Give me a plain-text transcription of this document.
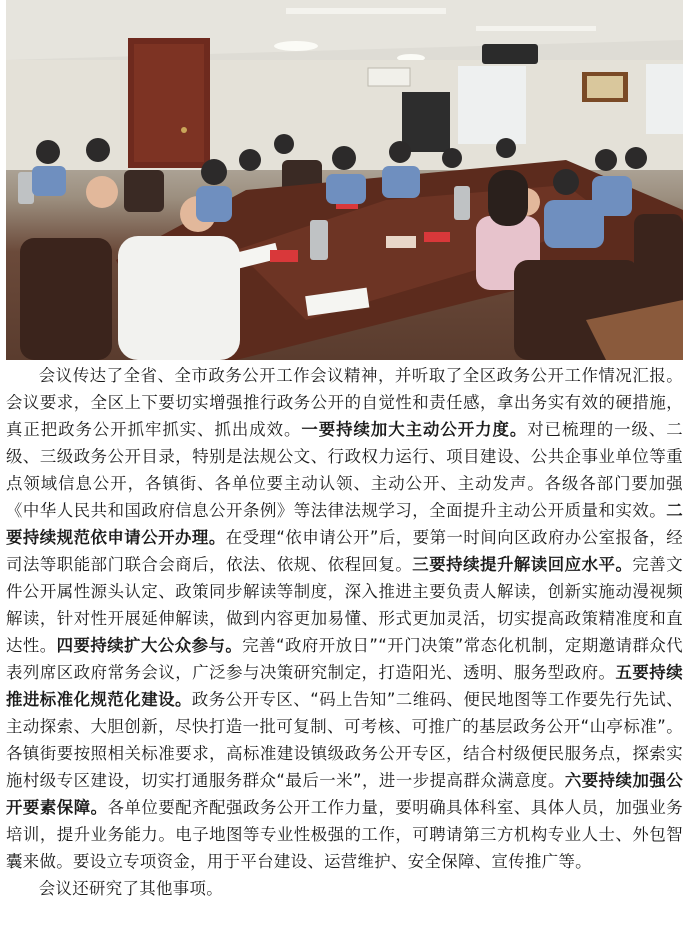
会议传达了全省、全市政务公开工作会议精神，并听取了全区政务公开工作情况汇报。会议要求，全区上下要切实增强推行政务公开的自觉性和责任感，拿出务实有效的硬措施，真正把政务公开抓牢抓实、抓出成效。一要持续加大主动公开力度。对已梳理的一级、二级、三级政务公开目录，特别是法规公文、行政权力运行、项目建设、公共企事业单位等重点领域信息公开，各镇街、各单位要主动认领、主动公开、主动发声。各级各部门要加强《中华人民共和国政府信息公开条例》等法律法规学习，全面提升主动公开质量和实效。二要持续规范依申请公开办理。在受理“依申请公开”后，要第一时间向区政府办公室报备，经司法等职能部门联合会商后，依法、依规、依程回复。三要持续提升解读回应水平。完善文件公开属性源头认定、政策同步解读等制度，深入推进主要负责人解读，创新实施动漫视频解读，针对性开展延伸解读，做到内容更加易懂、形式更加灵活，切实提高政策精准度和直达性。四要持续扩大公众参与。完善“政府开放日”“开门决策”常态化机制，定期邀请群众代表列席区政府常务会议，广泛参与决策研究制定，打造阳光、透明、服务型政府。五要持续推进标准化规范化建设。政务公开专区、“码上告知”二维码、便民地图等工作要先行先试、主动探索、大胆创新，尽快打造一批可复制、可考核、可推广的基层政务公开“山亭标准”。各镇街要按照相关标准要求，高标准建设镇级政务公开专区，结合村级便民服务点，探索实施村级专区建设，切实打通服务群众“最后一米”，进一步提高群众满意度。六要持续加强公开要素保障。各单位要配齐配强政务公开工作力量，要明确具体科室、具体人员，加强业务培训，提升业务能力。电子地图等专业性极强的工作，可聘请第三方机构专业人士、外包智囊来做。要设立专项资金，用于平台建设、运营维护、安全保障、宣传推广等。

会议还研究了其他事项。
